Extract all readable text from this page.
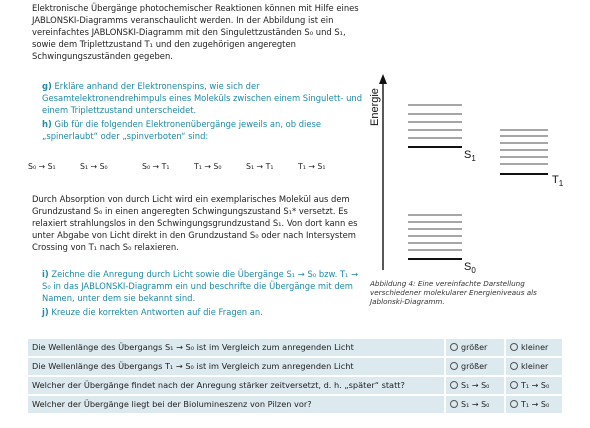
Elektronische Übergänge photochemischer Reaktionen können mit Hilfe eines JABLONSKI-Diagramms veranschaulicht werden. In der Abbildung ist ein vereinfachtes JABLONSKI-Diagramm mit den Singulettzuständen S₀ und S₁, sowie dem Triplettzustand T₁ und den zugehörigen angeregten Schwingungszuständen gegeben.
g) Erkläre anhand der Elektronenspins, wie sich der Gesamtelektronendrehimpuls eines Moleküls zwischen einem Singulett- und einem Triplettzustand unterscheidet.
h) Gib für die folgenden Elektronenübergänge jeweils an, ob diese „spinerlaubt“ oder „spinverboten“ sind:
S₀ → S₁	S₁ → S₀	S₀ → T₁	T₁ → S₀	S₁ → T₁	T₁ → S₁
Durch Absorption von durch Licht wird ein exemplarisches Molekül aus dem Grundzustand S₀ in einen angeregten Schwingungszustand S₁* versetzt. Es relaxiert strahlungslos in den Schwingungsgrundzustand S₁. Von dort kann es unter Abgabe von Licht direkt in den Grundzustand S₀ oder nach Intersystem Crossing von T₁ nach S₀ relaxieren.
i) Zeichne die Anregung durch Licht sowie die Übergänge S₁ → S₀ bzw. T₁ → S₀ in das JABLONSKI-Diagramm ein und beschrifte die Übergänge mit dem Namen, unter dem sie bekannt sind.
j) Kreuze die korrekten Antworten auf die Fragen an.
Energie
$S_1$
$T_1$
$S_0$
Abbildung 4: Eine vereinfachte Darstellung verschiedener molekularer Energieniveaus als Jablonski-Diagramm.
Die Wellenlänge des Übergangs S₁ → S₀ ist im Vergleich zum anregenden Licht	größer	kleiner
Die Wellenlänge des Übergangs T₁ → S₀ ist im Vergleich zum anregenden Licht	größer	kleiner
Welcher der Übergänge findet nach der Anregung stärker zeitversetzt, d. h. „später“ statt?	S₁ → S₀	T₁ → S₀
Welcher der Übergänge liegt bei der Biolumineszenz von Pilzen vor?	S₁ → S₀	T₁ → S₀
